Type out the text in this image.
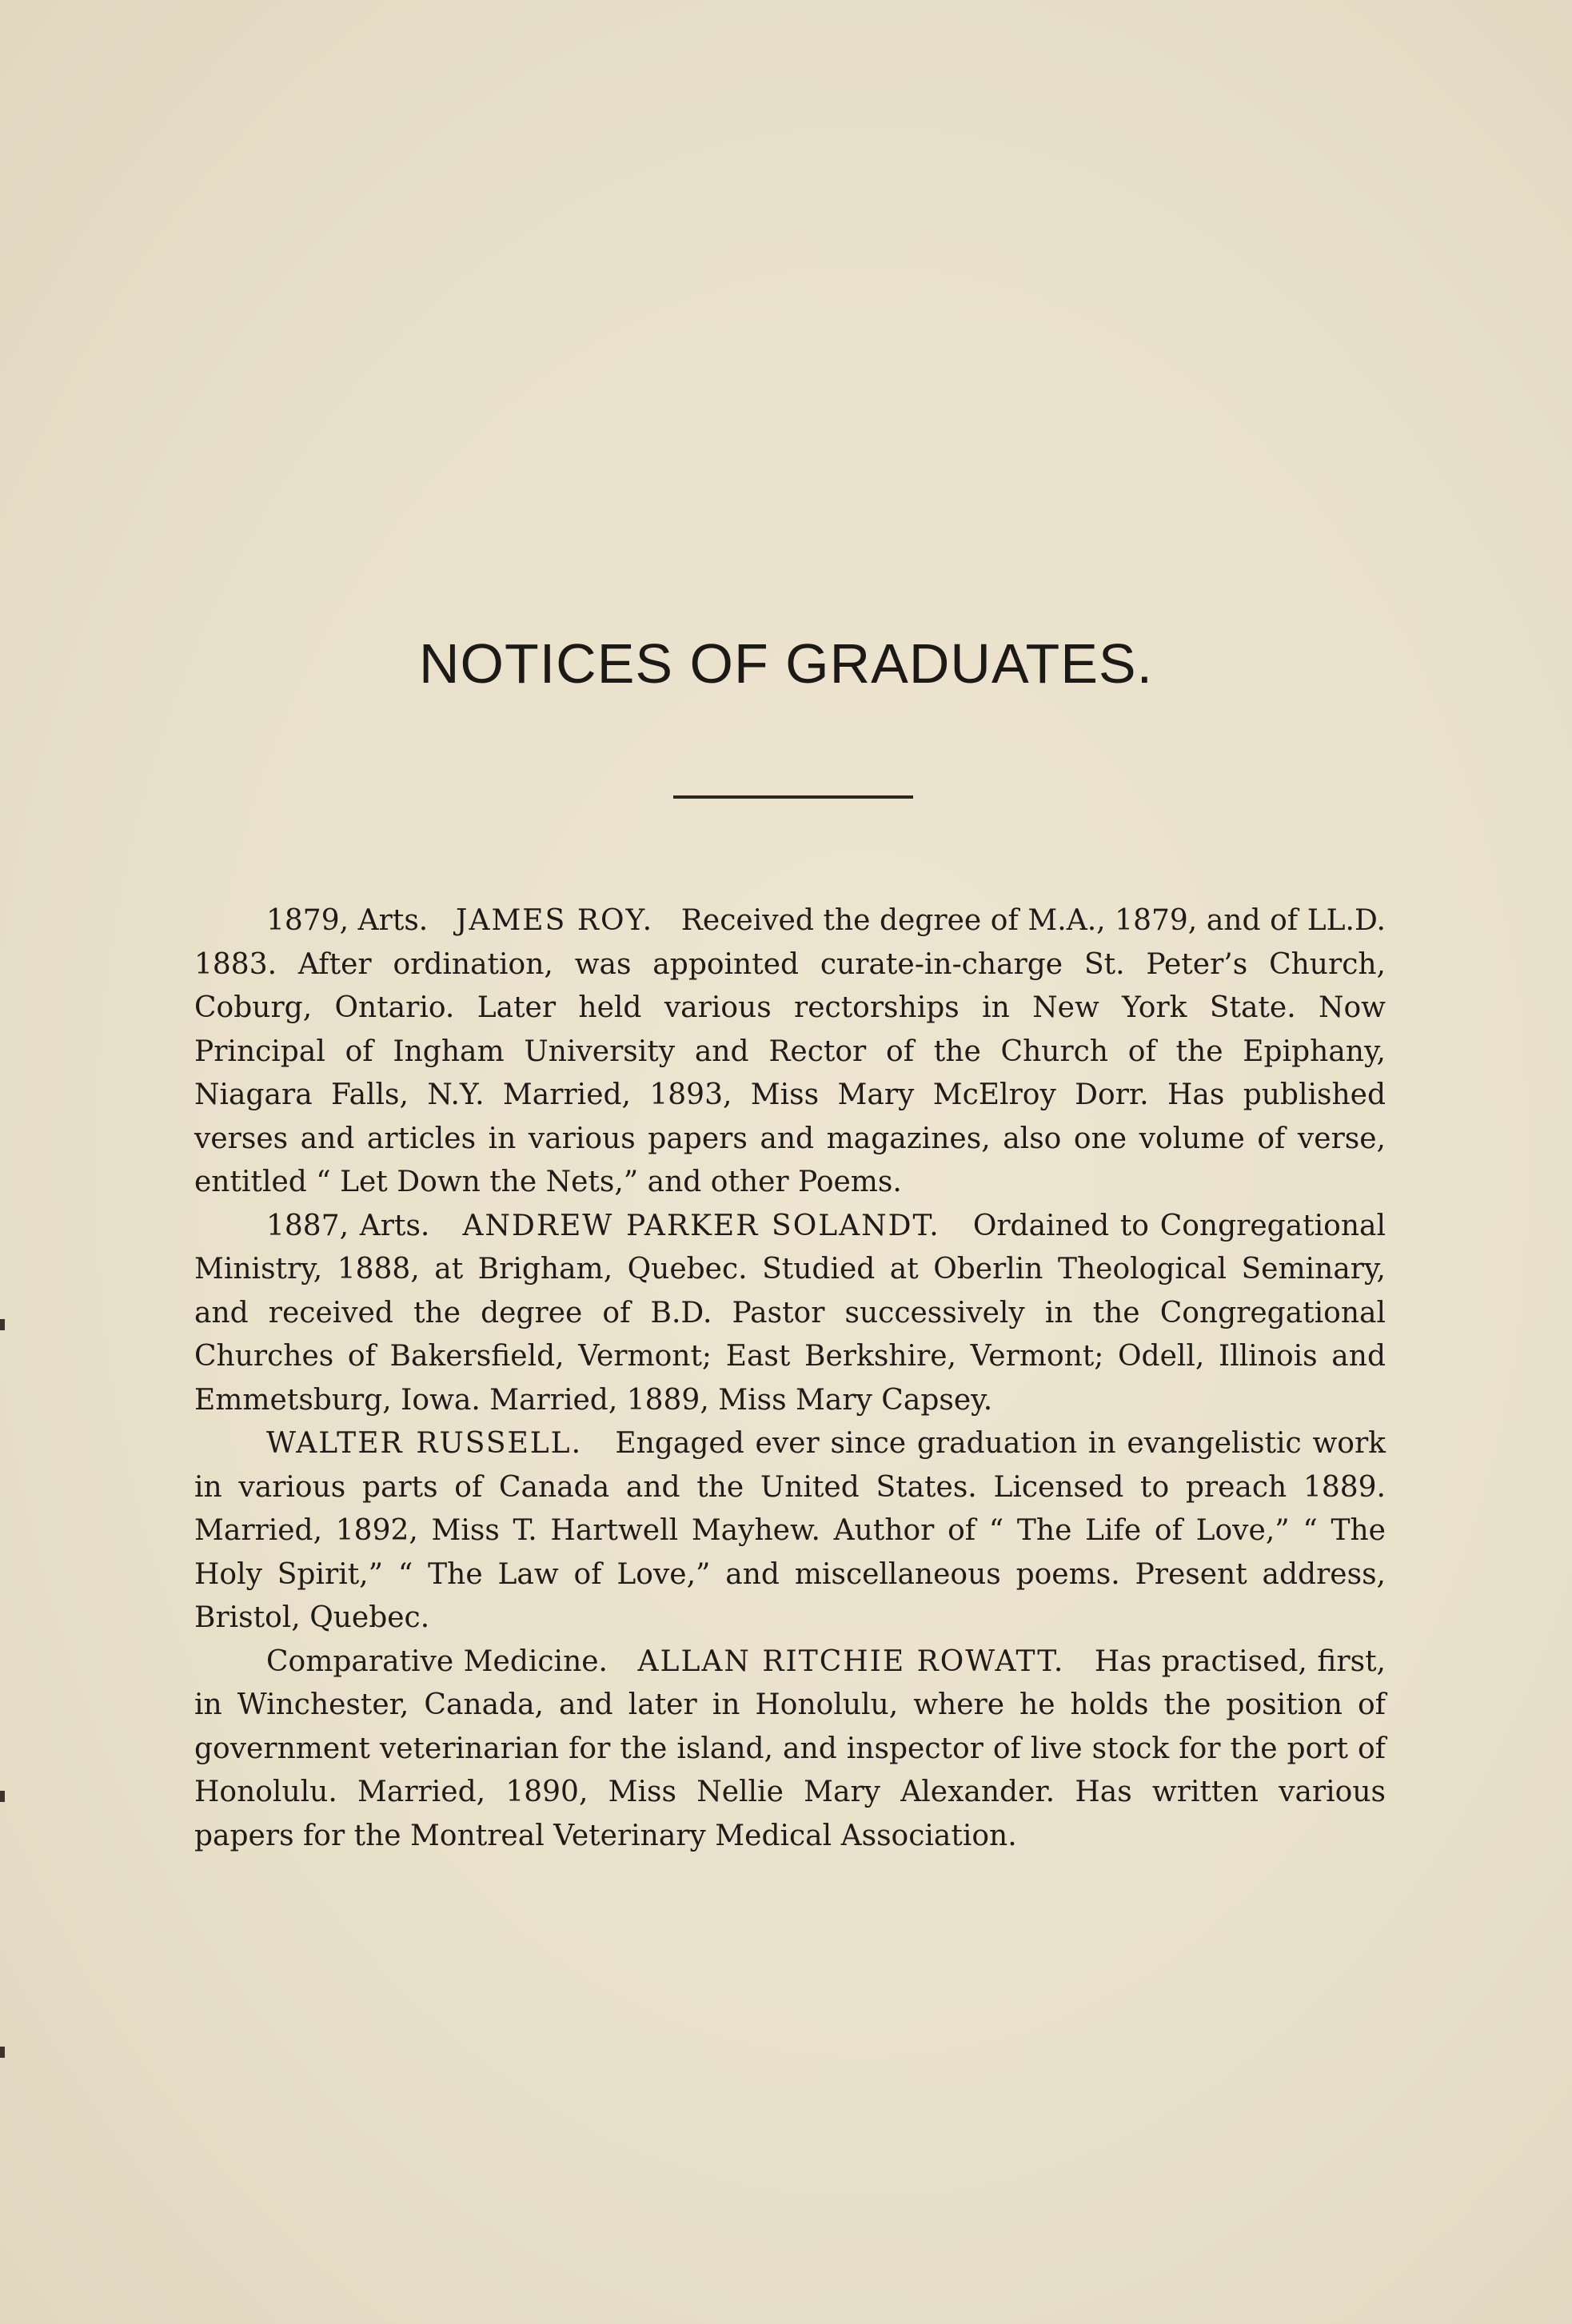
NOTICES OF GRADUATES.

1879, Arts. JAMES ROY. Received the degree of M.A., 1879, and of LL.D. 1883. After ordination, was appointed curate-in-charge St. Peter’s Church, Coburg, Ontario. Later held various rectorships in New York State. Now Principal of Ingham University and Rector of the Church of the Epiphany, Niagara Falls, N.Y. Married, 1893, Miss Mary McElroy Dorr. Has published verses and articles in various papers and magazines, also one volume of verse, entitled “ Let Down the Nets,” and other Poems.

1887, Arts. ANDREW PARKER SOLANDT. Ordained to Congregational Ministry, 1888, at Brigham, Quebec. Studied at Oberlin Theological Seminary, and received the degree of B.D. Pastor successively in the Congregational Churches of Bakersfield, Vermont; East Berkshire, Vermont; Odell, Illinois and Emmetsburg, Iowa. Married, 1889, Miss Mary Capsey.

WALTER RUSSELL. Engaged ever since graduation in evangelistic work in various parts of Canada and the United States. Licensed to preach 1889. Married, 1892, Miss T. Hartwell Mayhew. Author of “ The Life of Love,” “ The Holy Spirit,” “ The Law of Love,” and miscellaneous poems. Present address, Bristol, Quebec.

Comparative Medicine. ALLAN RITCHIE ROWATT. Has practised, first, in Winchester, Canada, and later in Honolulu, where he holds the position of government veterinarian for the island, and inspector of live stock for the port of Honolulu. Married, 1890, Miss Nellie Mary Alexander. Has written various papers for the Montreal Veterinary Medical Association.
